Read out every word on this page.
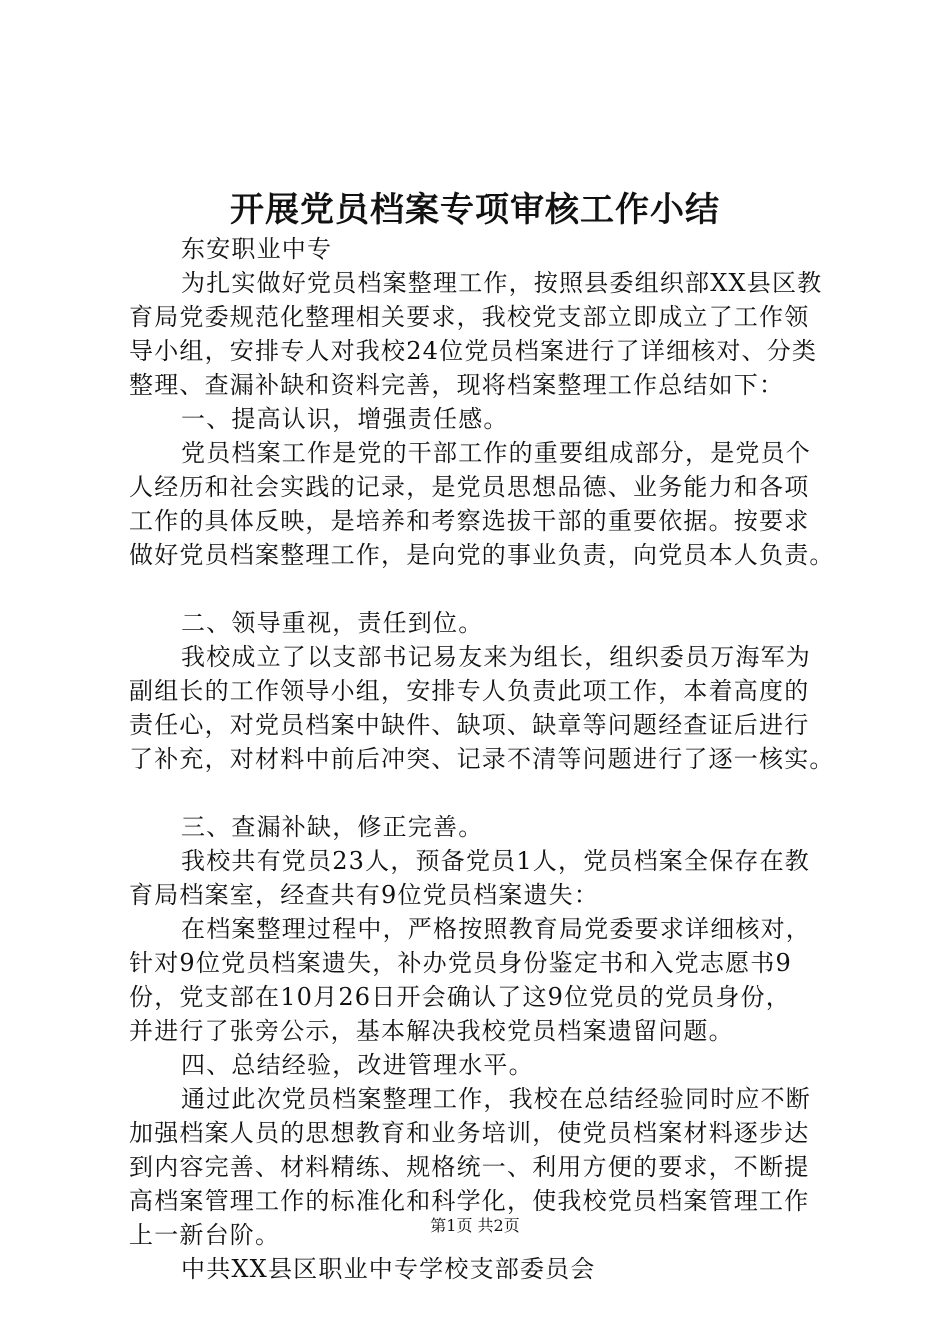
开展党员档案专项审核工作小结
东安职业中专
为扎实做好党员档案整理工作，按照县委组织部XX县区教
育局党委规范化整理相关要求，我校党支部立即成立了工作领
导小组，安排专人对我校24位党员档案进行了详细核对、分类
整理、查漏补缺和资料完善，现将档案整理工作总结如下：
一、提高认识，增强责任感。
党员档案工作是党的干部工作的重要组成部分，是党员个
人经历和社会实践的记录，是党员思想品德、业务能力和各项
工作的具体反映，是培养和考察选拔干部的重要依据。按要求
做好党员档案整理工作，是向党的事业负责，向党员本人负责。
二、领导重视，责任到位。
我校成立了以支部书记易友来为组长，组织委员万海军为
副组长的工作领导小组，安排专人负责此项工作，本着高度的
责任心，对党员档案中缺件、缺项、缺章等问题经查证后进行
了补充，对材料中前后冲突、记录不清等问题进行了逐一核实。
三、查漏补缺，修正完善。
我校共有党员23人，预备党员1人，党员档案全保存在教
育局档案室，经查共有9位党员档案遗失：
在档案整理过程中，严格按照教育局党委要求详细核对，
针对9位党员档案遗失，补办党员身份鉴定书和入党志愿书9
份，党支部在10月26日开会确认了这9位党员的党员身份，
并进行了张旁公示，基本解决我校党员档案遗留问题。
四、总结经验，改进管理水平。
通过此次党员档案整理工作，我校在总结经验同时应不断
加强档案人员的思想教育和业务培训，使党员档案材料逐步达
到内容完善、材料精练、规格统一、利用方便的要求，不断提
高档案管理工作的标准化和科学化，使我校党员档案管理工作
上一新台阶。
中共XX县区职业中专学校支部委员会
第1页 共2页
